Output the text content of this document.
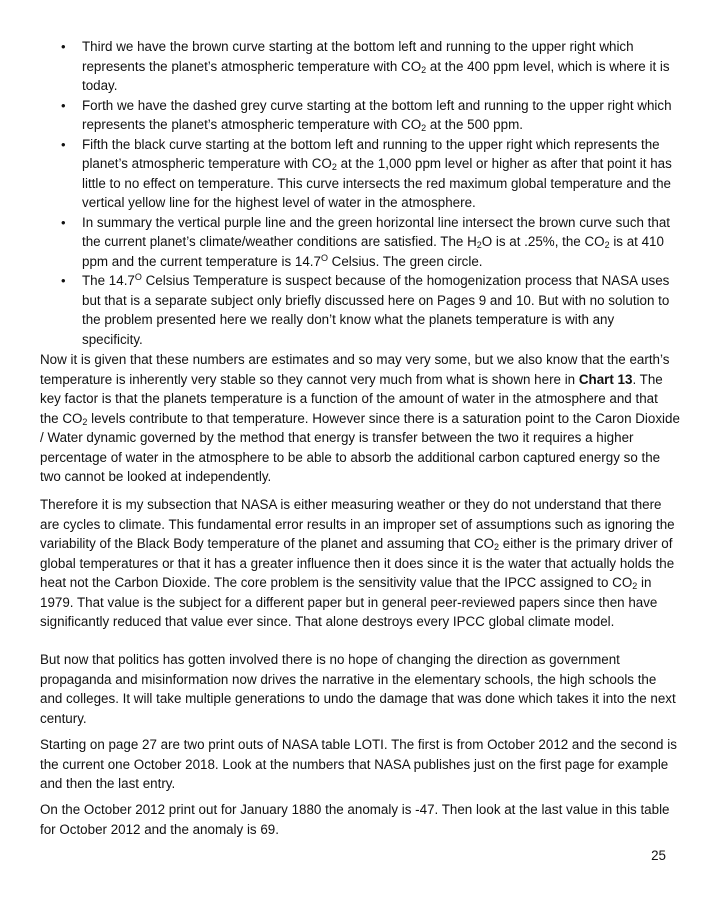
• Third we have the brown curve starting at the bottom left and running to the upper right which represents the planet’s atmospheric temperature with $CO_2$ at the 400 ppm level, which is where it is today.
• Forth we have the dashed grey curve starting at the bottom left and running to the upper right which represents the planet’s atmospheric temperature with $CO_2$ at the 500 ppm.
• Fifth the black curve starting at the bottom left and running to the upper right which represents the planet’s atmospheric temperature with $CO_2$ at the 1,000 ppm level or higher as after that point it has little to no effect on temperature. This curve intersects the red maximum global temperature and the vertical yellow line for the highest level of water in the atmosphere.
• In summary the vertical purple line and the green horizontal line intersect the brown curve such that the current planet’s climate/weather conditions are satisfied. The $H_2O$ is at .25%, the $CO_2$ is at 410 ppm and the current temperature is $14.7^O$ Celsius. The green circle.
• The $14.7^O$ Celsius Temperature is suspect because of the homogenization process that NASA uses but that is a separate subject only briefly discussed here on Pages 9 and 10. But with no solution to the problem presented here we really don’t know what the planets temperature is with any specificity.

Now it is given that these numbers are estimates and so may very some, but we also know that the earth’s temperature is inherently very stable so they cannot very much from what is shown here in Chart 13. The key factor is that the planets temperature is a function of the amount of water in the atmosphere and that the $CO_2$ levels contribute to that temperature. However since there is a saturation point to the Caron Dioxide / Water dynamic governed by the method that energy is transfer between the two it requires a higher percentage of water in the atmosphere to be able to absorb the additional carbon captured energy so the two cannot be looked at independently.

Therefore it is my subsection that NASA is either measuring weather or they do not understand that there are cycles to climate. This fundamental error results in an improper set of assumptions such as ignoring the variability of the Black Body temperature of the planet and assuming that $CO_2$ either is the primary driver of global temperatures or that it has a greater influence then it does since it is the water that actually holds the heat not the Carbon Dioxide. The core problem is the sensitivity value that the IPCC assigned to $CO_2$ in 1979. That value is the subject for a different paper but in general peer-reviewed papers since then have significantly reduced that value ever since. That alone destroys every IPCC global climate model.

But now that politics has gotten involved there is no hope of changing the direction as government propaganda and misinformation now drives the narrative in the elementary schools, the high schools the and colleges. It will take multiple generations to undo the damage that was done which takes it into the next century.

Starting on page 27 are two print outs of NASA table LOTI. The first is from October 2012 and the second is the current one October 2018. Look at the numbers that NASA publishes just on the first page for example and then the last entry.

On the October 2012 print out for January 1880 the anomaly is -47. Then look at the last value in this table for October 2012 and the anomaly is 69.

25
